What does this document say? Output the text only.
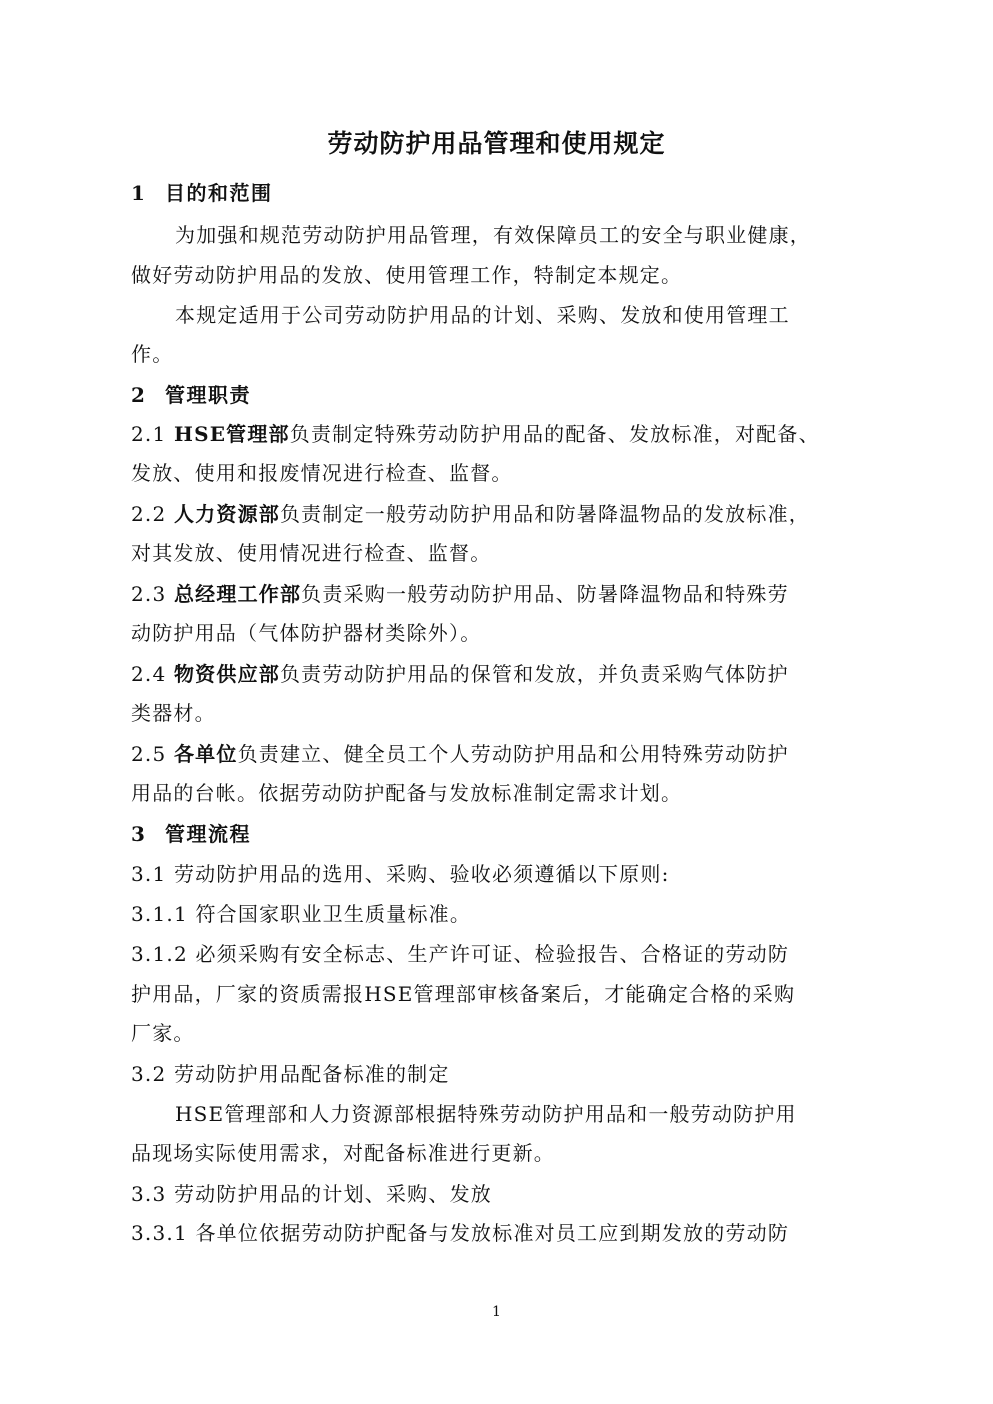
劳动防护用品管理和使用规定
1 目的和范围
为加强和规范劳动防护用品管理，有效保障员工的安全与职业健康，
做好劳动防护用品的发放、使用管理工作，特制定本规定。
本规定适用于公司劳动防护用品的计划、采购、发放和使用管理工
作。
2 管理职责
2.1 HSE管理部负责制定特殊劳动防护用品的配备、发放标准，对配备、
发放、使用和报废情况进行检查、监督。
2.2 人力资源部负责制定一般劳动防护用品和防暑降温物品的发放标准，
对其发放、使用情况进行检查、监督。
2.3 总经理工作部负责采购一般劳动防护用品、防暑降温物品和特殊劳
动防护用品（气体防护器材类除外）。
2.4 物资供应部负责劳动防护用品的保管和发放，并负责采购气体防护
类器材。
2.5 各单位负责建立、健全员工个人劳动防护用品和公用特殊劳动防护
用品的台帐。依据劳动防护配备与发放标准制定需求计划。
3 管理流程
3.1 劳动防护用品的选用、采购、验收必须遵循以下原则:
3.1.1 符合国家职业卫生质量标准。
3.1.2 必须采购有安全标志、生产许可证、检验报告、合格证的劳动防
护用品，厂家的资质需报HSE管理部审核备案后，才能确定合格的采购
厂家。
3.2 劳动防护用品配备标准的制定
HSE管理部和人力资源部根据特殊劳动防护用品和一般劳动防护用
品现场实际使用需求，对配备标准进行更新。
3.3 劳动防护用品的计划、采购、发放
3.3.1 各单位依据劳动防护配备与发放标准对员工应到期发放的劳动防
1
